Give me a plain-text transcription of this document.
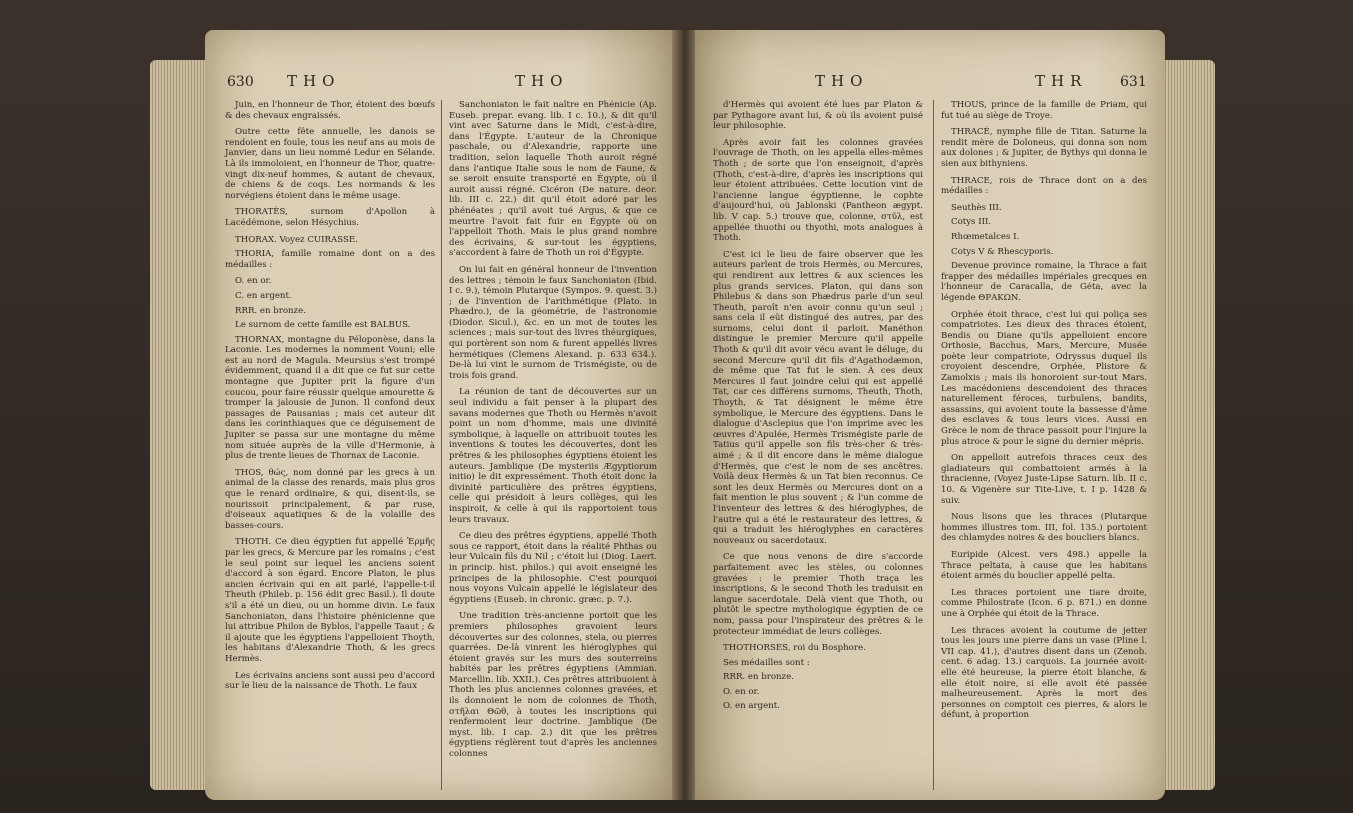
630 THO	THO

Juin, en l'honneur de Thor, étoient des bœufs & des chevaux engraissés.

Outre cette fête annuelle, les danois se rendoient en foule, tous les neuf ans au mois de Janvier, dans un lieu nommé Ledur en Sélande. Là ils immoloient, en l'honneur de Thor, quatre-vingt dix-neuf hommes, & autant de chevaux, de chiens & de coqs. Les normands & les norvégiens étoient dans le même usage.

THORATÈS, surnom d'Apollon à Lacédémone, selon Hésychius.

THORAX. Voyez CUIRASSE.

THORIA, famille romaine dont on a des médailles :

O. en or.

C. en argent.

RRR. en bronze.

Le surnom de cette famille est BALBUS.

THORNAX, montagne du Péloponèse, dans la Laconie. Les modernes la nomment Vouni; elle est au nord de Magula. Meursius s'est trompé évidemment, quand il a dit que ce fut sur cette montagne que Jupiter prit la figure d'un coucou, pour faire réussir quelque amourette & tromper la jalousie de Junon. Il confond deux passages de Pausanias ; mais cet auteur dit dans les corinthiaques que ce déguisement de Jupiter se passa sur une montagne du même nom située auprès de la ville d'Hermonie, à plus de trente lieues de Thornax de Laconie.

THOS, θώς, nom donné par les grecs à un animal de la classe des renards, mais plus gros que le renard ordinaire, & qui, disent-ils, se nourissoit principalement, & par ruse, d'oiseaux aquatiques & de la volaille des basses-cours.

THOTH. Ce dieu égyptien fut appellé Ἑρμῆς par les grecs, & Mercure par les romains ; c'est le seul point sur lequel les anciens soient d'accord à son égard. Encore Platon, le plus ancien écrivain qui en ait parlé, l'appelle-t-il Theuth (Phileb. p. 156 édit grec Basil.). Il doute s'il a été un dieu, ou un homme divin. Le faux Sanchoniaton, dans l'histoire phénicienne que lui attribue Philon de Byblos, l'appelle Taaut ; & il ajoute que les égyptiens l'appelloient Thoyth, les habitans d'Alexandrie Thoth, & les grecs Hermès.

Les écrivains anciens sont aussi peu d'accord sur le lieu de la naissance de Thoth. Le faux

Sanchoniaton le fait naître en Phénicie (Ap. Euseb. prepar. evang. lib. I c. 10.), & dit qu'il vint avec Saturne dans le Midi, c'est-à-dire, dans l'Égypte. L'auteur de la Chronique paschale, ou d'Alexandrie, rapporte une tradition, selon laquelle Thoth auroit régné dans l'antique Italie sous le nom de Faune, & se seroit ensuite transporté en Égypte, où il auroit aussi régné. Cicéron (De nature. deor. lib. III c. 22.) dit qu'il étoit adoré par les phénéates ; qu'il avoit tué Argus, & que ce meurtre l'avoit fait fuir en Égypte où on l'appelloit Thoth. Mais le plus grand nombre des écrivains, & sur-tout les égyptiens, s'accordent à faire de Thoth un roi d'Égypte.

On lui fait en général honneur de l'invention des lettres ; témoin le faux Sanchoniaton (Ibid. I c. 9.), témoin Plutarque (Sympos. 9. quest. 3.) ; de l'invention de l'arithmétique (Plato. in Phædro.), de la géométrie, de l'astronomie (Diodor. Sicul.), &c. en un mot de toutes les sciences ; mais sur-tout des livres théurgiques, qui portèrent son nom & furent appellés livres hermétiques (Clemens Alexand. p. 633 634.). De-là lui vint le surnom de Trismégiste, ou de trois fois grand.

La réunion de tant de découvertes sur un seul individu a fait penser à la plupart des savans modernes que Thoth ou Hermès n'avoit point un nom d'homme, mais une divinité symbolique, à laquelle on attribuoit toutes les inventions & toutes les découvertes, dont les prêtres & les philosophes égyptiens étoient les auteurs. Jamblique (De mysteriis Ægyptiorum initio) le dit expressément. Thoth étoit donc la divinité particulière des prêtres égyptiens, celle qui présidoit à leurs collèges, qui les inspiroit, & celle à qui ils rapportoient tous leurs travaux.

Ce dieu des prêtres égyptiens, appellé Thoth sous ce rapport, étoit dans la réalité Phthas ou leur Vulcain fils du Nil ; c'étoit lui (Diog. Laert. in princip. hist. philos.) qui avoit enseigné les principes de la philosophie. C'est pourquoi nous voyons Vulcain appellé le législateur des égyptiens (Euseb. in chronic. græc. p. 7.).

Une tradition très-ancienne portoit que les premiers philosophes gravoient leurs découvertes sur des colonnes, stela, ou pierres quarrées. De-là vinrent les hiéroglyphes qui étoient gravés sur les murs des souterreins habités par les prêtres égyptiens (Ammian. Marcellin. lib. XXII.). Ces prêtres attribuoient à Thoth les plus anciennes colonnes gravées, et ils donnoient le nom de colonnes de Thoth, στῆλαι Θῶθ, à toutes les inscriptions qui renfermoient leur doctrine. Jamblique (De myst. lib. I cap. 2.) dit que les prêtres égyptiens réglèrent tout d'après les anciennes colonnes

THO	THR 631

d'Hermès qui avoient été lues par Platon & par Pythagore avant lui, & où ils avoient puisé leur philosophie.

Après avoir fait les colonnes gravées l'ouvrage de Thoth, on les appella elles-mêmes Thoth ; de sorte que l'on enseignoit, d'après (Thoth, c'est-à-dire, d'après les inscriptions qui leur étoient attribuées. Cette locution vint de l'ancienne langue égyptienne, le cophte d'aujourd'hui, où Jablonski (Pantheon ægypt. lib. V cap. 5.) trouve que, colonne, στῦλ, est appellée thuothi ou thyothi, mots analogues à Thoth.

C'est ici le lieu de faire observer que les auteurs parlent de trois Hermès, ou Mercures, qui rendirent aux lettres & aux sciences les plus grands services. Platon, qui dans son Philebus & dans son Phædrus parle d'un seul Theuth, paroît n'en avoir connu qu'un seul ; sans cela il eût distingué des autres, par des surnoms, celui dont il parloit. Manéthon distingue le premier Mercure qu'il appelle Thoth & qu'il dit avoir vécu avant le déluge, du second Mercure qu'il dit fils d'Agathodæmon, de même que Tat fut le sien. À ces deux Mercures il faut joindre celui qui est appellé Tat, car ces différens surnoms, Theuth, Thoth, Thoyth, & Tat désignent le même être symbolique, le Mercure des égyptiens. Dans le dialogue d'Asclepius que l'on imprime avec les œuvres d'Apulée, Hermès Trismégiste parle de Tatius qu'il appelle son fils très-cher & très-aimé ; & il dit encore dans le même dialogue d'Hermès, que c'est le nom de ses ancêtres. Voilà deux Hermès & un Tat bien reconnus. Ce sont les deux Hermès ou Mercures dont on a fait mention le plus souvent ; & l'un comme de l'inventeur des lettres & des hiéroglyphes, de l'autre qui a été le restaurateur des lettres, & qui a traduit les hiéroglyphes en caractères nouveaux ou sacerdotaux.

Ce que nous venons de dire s'accorde parfaitement avec les stèles, ou colonnes gravées : le premier Thoth traça les inscriptions, & le second Thoth les traduisit en langue sacerdotale. Delà vient que Thoth, ou plutôt le spectre mythologique égyptien de ce nom, passa pour l'inspirateur des prêtres & le protecteur immédiat de leurs collèges.

THOTHORSES, roi du Bosphore.

Ses médailles sont :

RRR. en bronze.

O. en or.

O. en argent.

THOUS, prince de la famille de Priam, qui fut tué au siège de Troye.

THRACÉ, nymphe fille de Titan. Saturne la rendit mère de Doloneus, qui donna son nom aux dolones ; & Jupiter, de Bythys qui donna le sien aux bithyniens.

THRACE, rois de Thrace dont on a des médailles :

Seuthès III.

Cotys III.

Rhœmetalces I.

Cotys V & Rhescyporis.

Devenue province romaine, la Thrace a fait frapper des médailles impériales grecques en l'honneur de Caracalla, de Géta, avec la légende ΘΡΑΚΩΝ.

Orphée étoit thrace, c'est lui qui poliça ses compatriotes. Les dieux des thraces étoient, Bendis ou Diane qu'ils appelloient encore Orthosie, Bacchus, Mars, Mercure, Musée poète leur compatriote, Odryssus duquel ils croyoient descendre, Orphée, Plistore & Zamolxis ; mais ils honoroient sur-tout Mars. Les macédoniens descendoient des thraces naturellement féroces, turbulens, bandits, assassins, qui avoient toute la bassesse d'âme des esclaves & tous leurs vices. Aussi en Grèce le nom de thrace passoit pour l'injure la plus atroce & pour le signe du dernier mépris.

On appelloit autrefois thraces ceux des gladiateurs qui combattoient armés à la thracienne, (Voyez Juste-Lipse Saturn. lib. II c. 10. & Vigenère sur Tite-Live, t. I p. 1428 & suiv.

Nous lisons que les thraces (Plutarque hommes illustres tom. III, fol. 135.) portoient des chlamydes noires & des boucliers blancs.

Euripide (Alcest. vers 498.) appelle la Thrace peltata, à cause que les habitans étoient armés du bouclier appellé pelta.

Les thraces portoient une tiare droite, comme Philostrate (Icon. 6 p. 871.) en donne une à Orphée qui étoit de la Thrace.

Les thraces avoient la coutume de jetter tous les jours une pierre dans un vase (Pline l. VII cap. 41.), d'autres disent dans un (Zenob. cent. 6 adag. 13.) carquois. La journée avoit-elle été heureuse, la pierre étoit blanche, & elle étoit noire, si elle avoit été passée malheureusement. Après la mort des personnes on comptoit ces pierres, & alors le défunt, à proportion
